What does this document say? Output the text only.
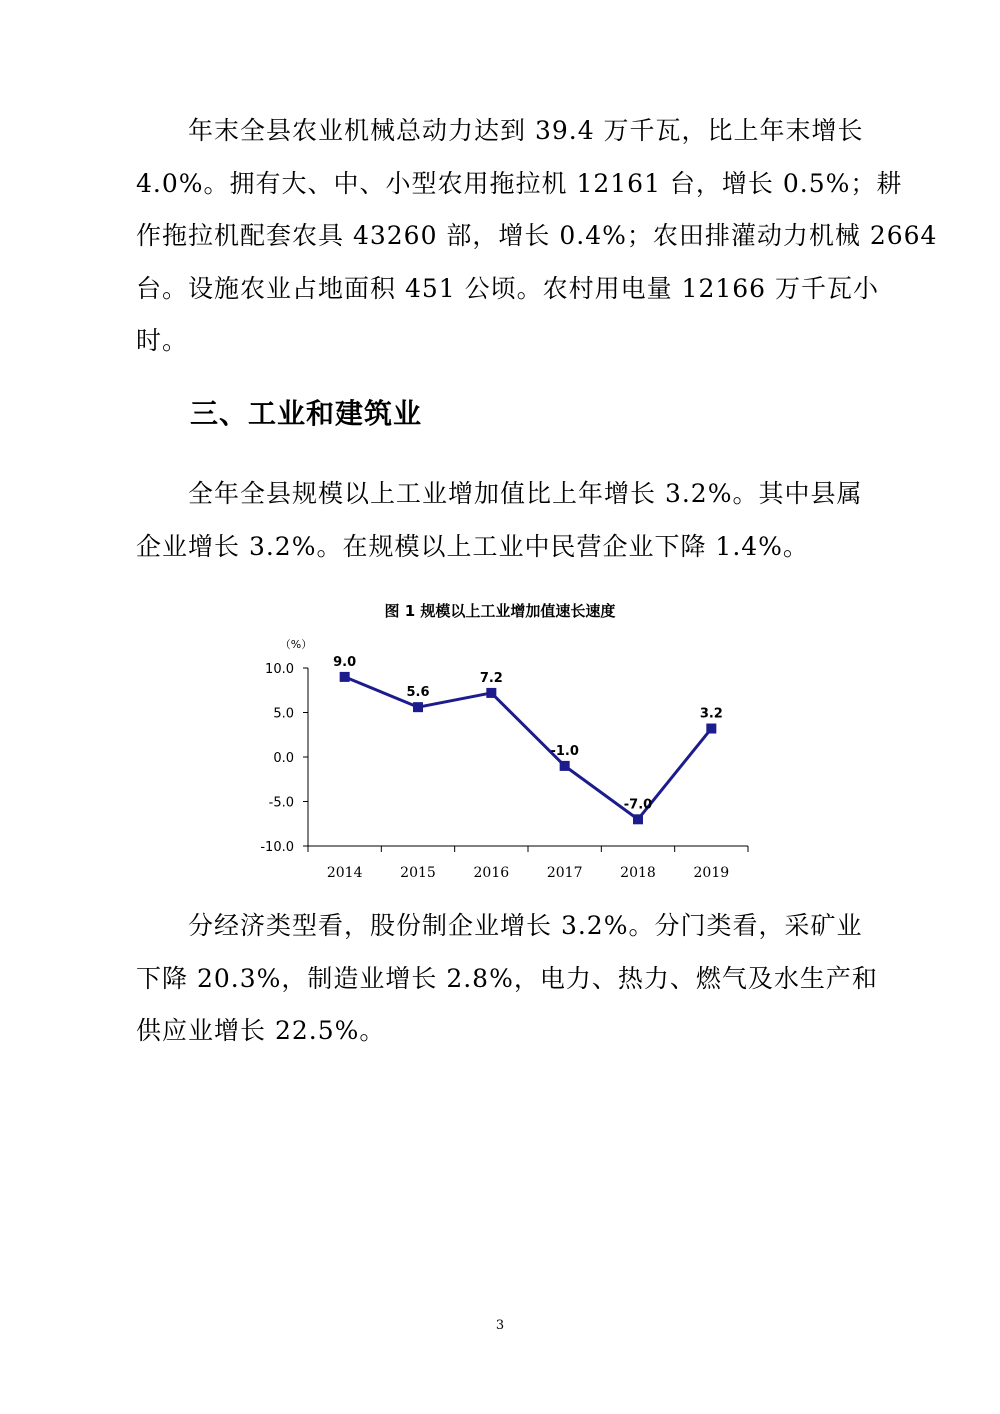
年末全县农业机械总动力达到 39.4 万千瓦，比上年末增长
4.0%。拥有大、中、小型农用拖拉机 12161 台，增长 0.5%；耕
作拖拉机配套农具 43260 部，增长 0.4%；农田排灌动力机械 2664
台。设施农业占地面积 451 公顷。农村用电量 12166 万千瓦小
时。
三、工业和建筑业
全年全县规模以上工业增加值比上年增长 3.2%。其中县属
企业增长 3.2%。在规模以上工业中民营企业下降 1.4%。

图 1 规模以上工业增加值速长速度

10.0
5.0
0.0
-5.0
-10.0
（%）
2014	2015	2016	2017	2018	2019
9.0
5.6
7.2
-1.0
-7.0
3.2
分经济类型看，股份制企业增长 3.2%。分门类看，采矿业
下降 20.3%，制造业增长 2.8%，电力、热力、燃气及水生产和
供应业增长 22.5%。

3
